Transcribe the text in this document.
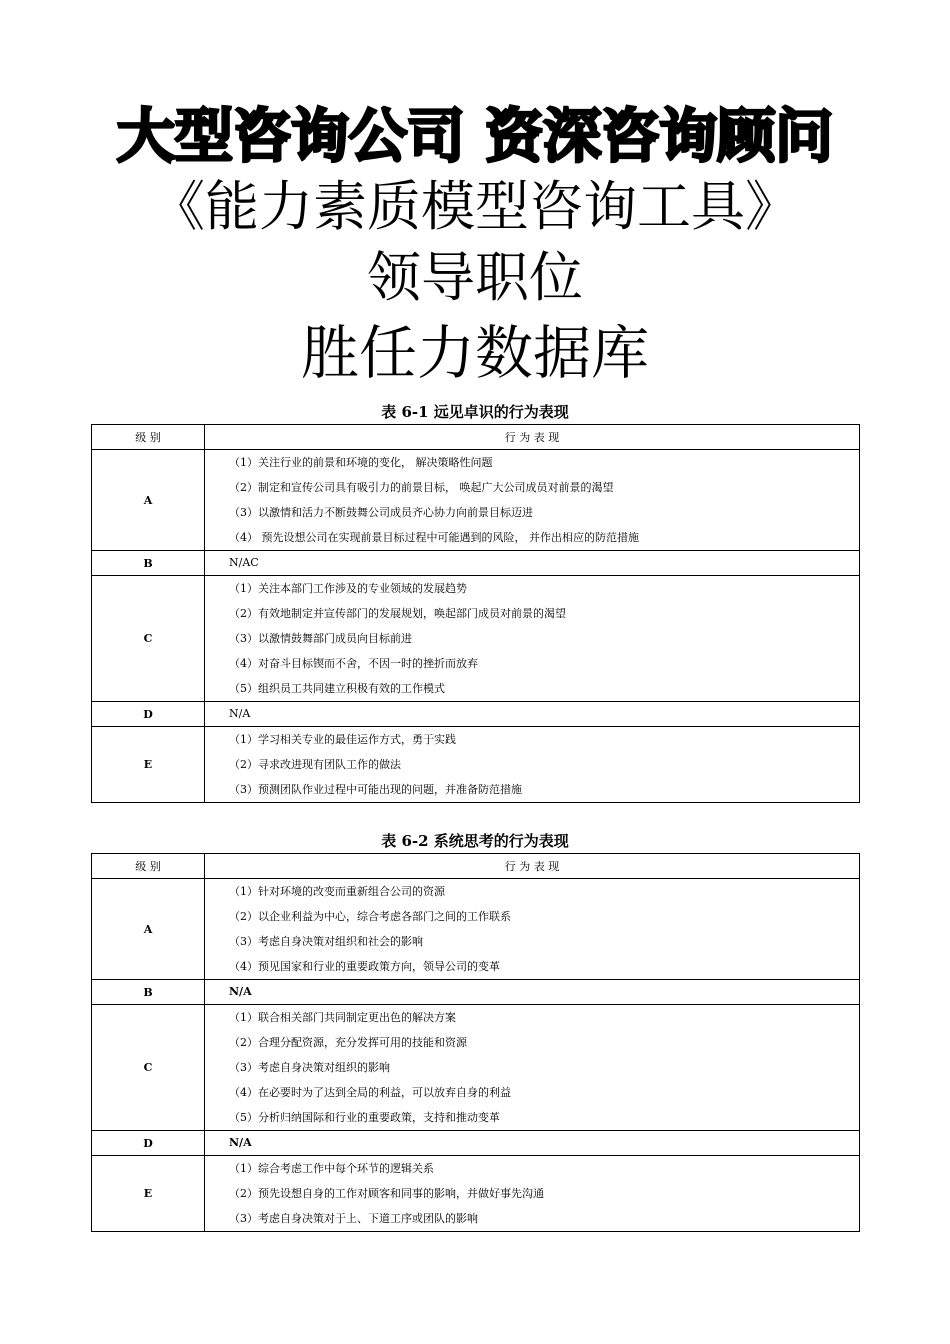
大型咨询公司 资深咨询顾问
《能力素质模型咨询工具》
领导职位
胜任力数据库
表 6-1 远见卓识的行为表现
级 别	行 为 表 现
A	（1）关注行业的前景和环境的变化， 解决策略性问题
（2）制定和宣传公司具有吸引力的前景目标， 唤起广大公司成员对前景的渴望
（3）以激情和活力不断鼓舞公司成员齐心协力向前景目标迈进
（4） 预先设想公司在实现前景目标过程中可能遇到的风险， 并作出相应的防范措施

B	N/AC

C	（1）关注本部门工作涉及的专业领域的发展趋势
（2）有效地制定并宣传部门的发展规划，唤起部门成员对前景的渴望
（3）以激情鼓舞部门成员向目标前进
（4）对奋斗目标锲而不舍，不因一时的挫折而放弃
（5）组织员工共同建立积极有效的工作模式

D	N/A

E	（1）学习相关专业的最佳运作方式，勇于实践
（2）寻求改进现有团队工作的做法
（3）预测团队作业过程中可能出现的问题，并准备防范措施
表 6-2 系统思考的行为表现
级 别	行 为 表 现
A	（1）针对环境的改变而重新组合公司的资源
（2）以企业利益为中心，综合考虑各部门之间的工作联系
（3）考虑自身决策对组织和社会的影响
（4）预见国家和行业的重要政策方向，领导公司的变革

B	N/A

C	（1）联合相关部门共同制定更出色的解决方案
（2）合理分配资源，充分发挥可用的技能和资源
（3）考虑自身决策对组织的影响
（4）在必要时为了达到全局的利益，可以放弃自身的利益
（5）分析归纳国际和行业的重要政策，支持和推动变革

D	N/A

E	（1）综合考虑工作中每个环节的逻辑关系
（2）预先设想自身的工作对顾客和同事的影响，并做好事先沟通
（3）考虑自身决策对于上、下道工序或团队的影响
